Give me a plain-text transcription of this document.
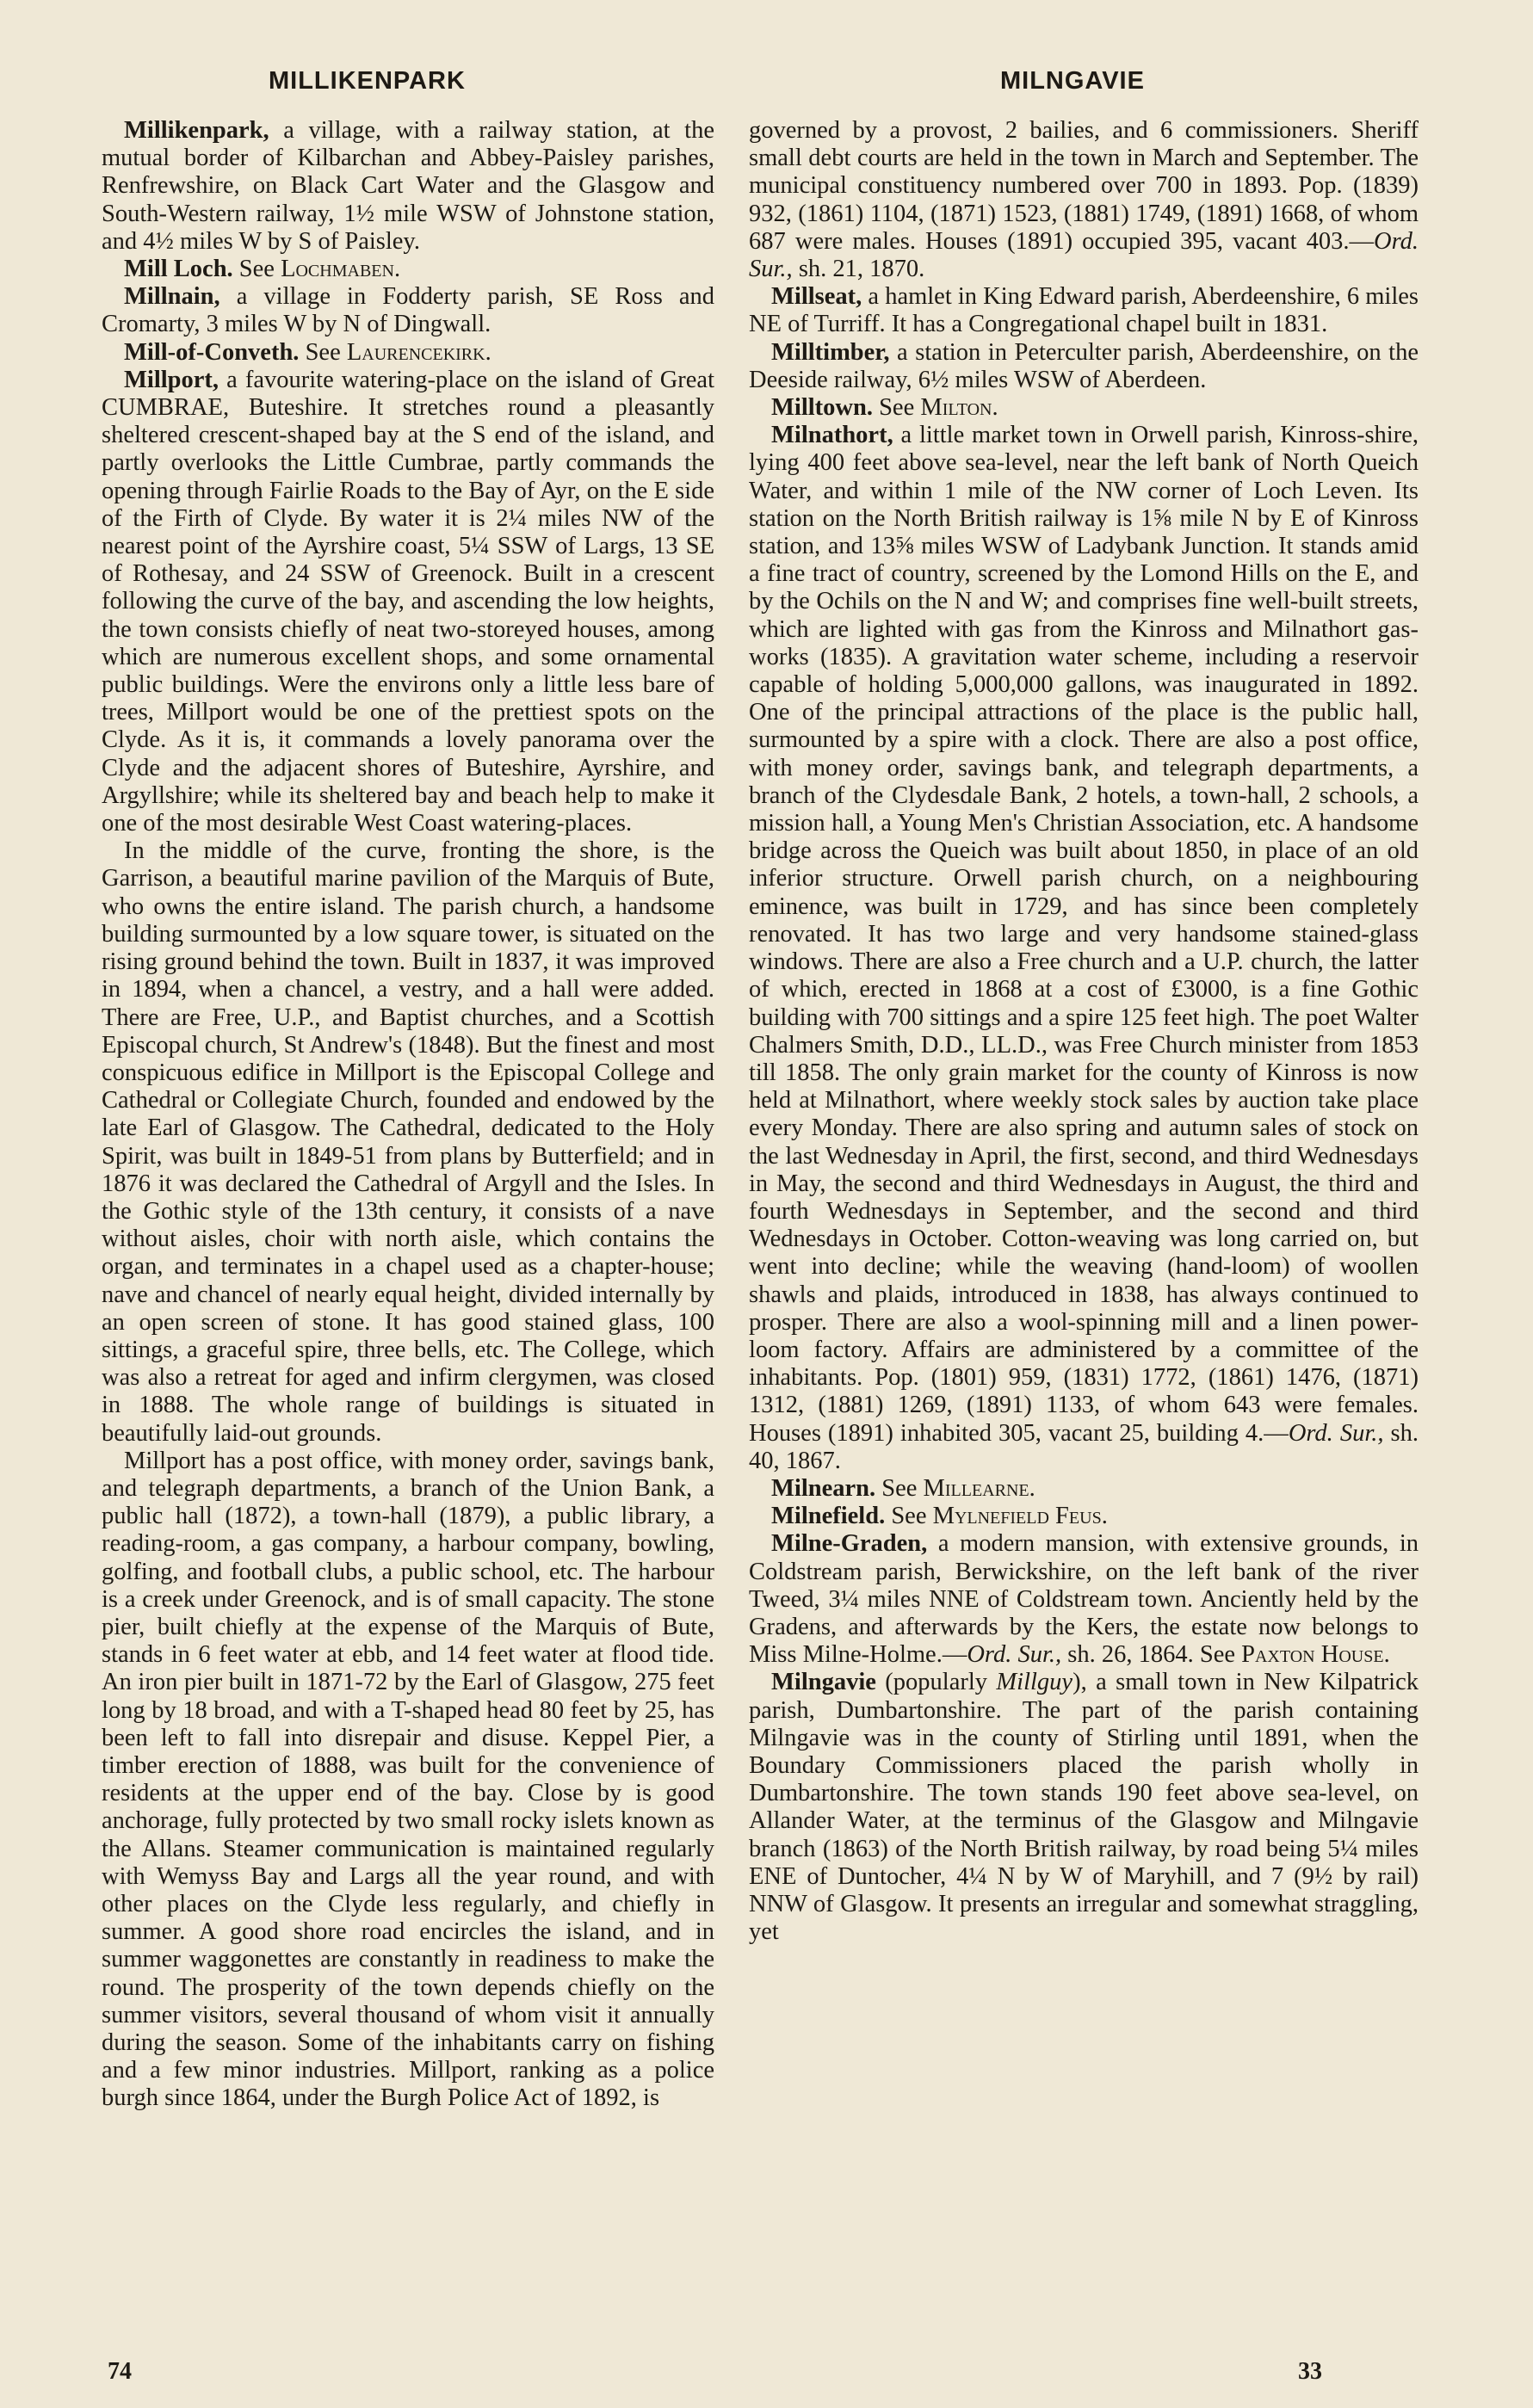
MILLIKENPARK	MILNGAVIE

Millikenpark, a village, with a railway station, at the mutual border of Kilbarchan and Abbey-Paisley parishes, Renfrewshire, on Black Cart Water and the Glasgow and South-Western railway, 1½ mile WSW of Johnstone station, and 4½ miles W by S of Paisley.

Mill Loch. See Lochmaben.

Millnain, a village in Fodderty parish, SE Ross and Cromarty, 3 miles W by N of Dingwall.

Mill-of-Conveth. See Laurencekirk.

Millport, a favourite watering-place on the island of Great CUMBRAE, Buteshire. It stretches round a pleasantly sheltered crescent-shaped bay at the S end of the island, and partly overlooks the Little Cumbrae, partly commands the opening through Fairlie Roads to the Bay of Ayr, on the E side of the Firth of Clyde. By water it is 2¼ miles NW of the nearest point of the Ayrshire coast, 5¼ SSW of Largs, 13 SE of Rothesay, and 24 SSW of Greenock. Built in a crescent following the curve of the bay, and ascending the low heights, the town consists chiefly of neat two-storeyed houses, among which are numerous excellent shops, and some ornamental public buildings. Were the environs only a little less bare of trees, Millport would be one of the prettiest spots on the Clyde. As it is, it commands a lovely panorama over the Clyde and the adjacent shores of Buteshire, Ayrshire, and Argyllshire; while its sheltered bay and beach help to make it one of the most desirable West Coast watering-places.

In the middle of the curve, fronting the shore, is the Garrison, a beautiful marine pavilion of the Marquis of Bute, who owns the entire island. The parish church, a handsome building surmounted by a low square tower, is situated on the rising ground behind the town. Built in 1837, it was improved in 1894, when a chancel, a vestry, and a hall were added. There are Free, U.P., and Baptist churches, and a Scottish Episcopal church, St Andrew's (1848). But the finest and most conspicuous edifice in Millport is the Episcopal College and Cathedral or Collegiate Church, founded and endowed by the late Earl of Glasgow. The Cathedral, dedicated to the Holy Spirit, was built in 1849-51 from plans by Butterfield; and in 1876 it was declared the Cathedral of Argyll and the Isles. In the Gothic style of the 13th century, it consists of a nave without aisles, choir with north aisle, which contains the organ, and terminates in a chapel used as a chapter-house; nave and chancel of nearly equal height, divided internally by an open screen of stone. It has good stained glass, 100 sittings, a graceful spire, three bells, etc. The College, which was also a retreat for aged and infirm clergymen, was closed in 1888. The whole range of buildings is situated in beautifully laid-out grounds.

Millport has a post office, with money order, savings bank, and telegraph departments, a branch of the Union Bank, a public hall (1872), a town-hall (1879), a public library, a reading-room, a gas company, a harbour company, bowling, golfing, and football clubs, a public school, etc. The harbour is a creek under Greenock, and is of small capacity. The stone pier, built chiefly at the expense of the Marquis of Bute, stands in 6 feet water at ebb, and 14 feet water at flood tide. An iron pier built in 1871-72 by the Earl of Glasgow, 275 feet long by 18 broad, and with a T-shaped head 80 feet by 25, has been left to fall into disrepair and disuse. Keppel Pier, a timber erection of 1888, was built for the convenience of residents at the upper end of the bay. Close by is good anchorage, fully protected by two small rocky islets known as the Allans. Steamer communication is maintained regularly with Wemyss Bay and Largs all the year round, and with other places on the Clyde less regularly, and chiefly in summer. A good shore road encircles the island, and in summer waggonettes are constantly in readiness to make the round. The prosperity of the town depends chiefly on the summer visitors, several thousand of whom visit it annually during the season. Some of the inhabitants carry on fishing and a few minor industries. Millport, ranking as a police burgh since 1864, under the Burgh Police Act of 1892, is

governed by a provost, 2 bailies, and 6 commissioners. Sheriff small debt courts are held in the town in March and September. The municipal constituency numbered over 700 in 1893. Pop. (1839) 932, (1861) 1104, (1871) 1523, (1881) 1749, (1891) 1668, of whom 687 were males. Houses (1891) occupied 395, vacant 403.—Ord. Sur., sh. 21, 1870.

Millseat, a hamlet in King Edward parish, Aberdeenshire, 6 miles NE of Turriff. It has a Congregational chapel built in 1831.

Milltimber, a station in Peterculter parish, Aberdeenshire, on the Deeside railway, 6½ miles WSW of Aberdeen.

Milltown. See Milton.

Milnathort, a little market town in Orwell parish, Kinross-shire, lying 400 feet above sea-level, near the left bank of North Queich Water, and within 1 mile of the NW corner of Loch Leven. Its station on the North British railway is 1⅝ mile N by E of Kinross station, and 13⅝ miles WSW of Ladybank Junction. It stands amid a fine tract of country, screened by the Lomond Hills on the E, and by the Ochils on the N and W; and comprises fine well-built streets, which are lighted with gas from the Kinross and Milnathort gas-works (1835). A gravitation water scheme, including a reservoir capable of holding 5,000,000 gallons, was inaugurated in 1892. One of the principal attractions of the place is the public hall, surmounted by a spire with a clock. There are also a post office, with money order, savings bank, and telegraph departments, a branch of the Clydesdale Bank, 2 hotels, a town-hall, 2 schools, a mission hall, a Young Men's Christian Association, etc. A handsome bridge across the Queich was built about 1850, in place of an old inferior structure. Orwell parish church, on a neighbouring eminence, was built in 1729, and has since been completely renovated. It has two large and very handsome stained-glass windows. There are also a Free church and a U.P. church, the latter of which, erected in 1868 at a cost of £3000, is a fine Gothic building with 700 sittings and a spire 125 feet high. The poet Walter Chalmers Smith, D.D., LL.D., was Free Church minister from 1853 till 1858. The only grain market for the county of Kinross is now held at Milnathort, where weekly stock sales by auction take place every Monday. There are also spring and autumn sales of stock on the last Wednesday in April, the first, second, and third Wednesdays in May, the second and third Wednesdays in August, the third and fourth Wednesdays in September, and the second and third Wednesdays in October. Cotton-weaving was long carried on, but went into decline; while the weaving (hand-loom) of woollen shawls and plaids, introduced in 1838, has always continued to prosper. There are also a wool-spinning mill and a linen power-loom factory. Affairs are administered by a committee of the inhabitants. Pop. (1801) 959, (1831) 1772, (1861) 1476, (1871) 1312, (1881) 1269, (1891) 1133, of whom 643 were females. Houses (1891) inhabited 305, vacant 25, building 4.—Ord. Sur., sh. 40, 1867.

Milnearn. See Millearne.

Milnefield. See Mylnefield Feus.

Milne-Graden, a modern mansion, with extensive grounds, in Coldstream parish, Berwickshire, on the left bank of the river Tweed, 3¼ miles NNE of Coldstream town. Anciently held by the Gradens, and afterwards by the Kers, the estate now belongs to Miss Milne-Holme.—Ord. Sur., sh. 26, 1864. See Paxton House.

Milngavie (popularly Millguy), a small town in New Kilpatrick parish, Dumbartonshire. The part of the parish containing Milngavie was in the county of Stirling until 1891, when the Boundary Commissioners placed the parish wholly in Dumbartonshire. The town stands 190 feet above sea-level, on Allander Water, at the terminus of the Glasgow and Milngavie branch (1863) of the North British railway, by road being 5¼ miles ENE of Duntocher, 4¼ N by W of Maryhill, and 7 (9½ by rail) NNW of Glasgow. It presents an irregular and somewhat straggling, yet

74	33
